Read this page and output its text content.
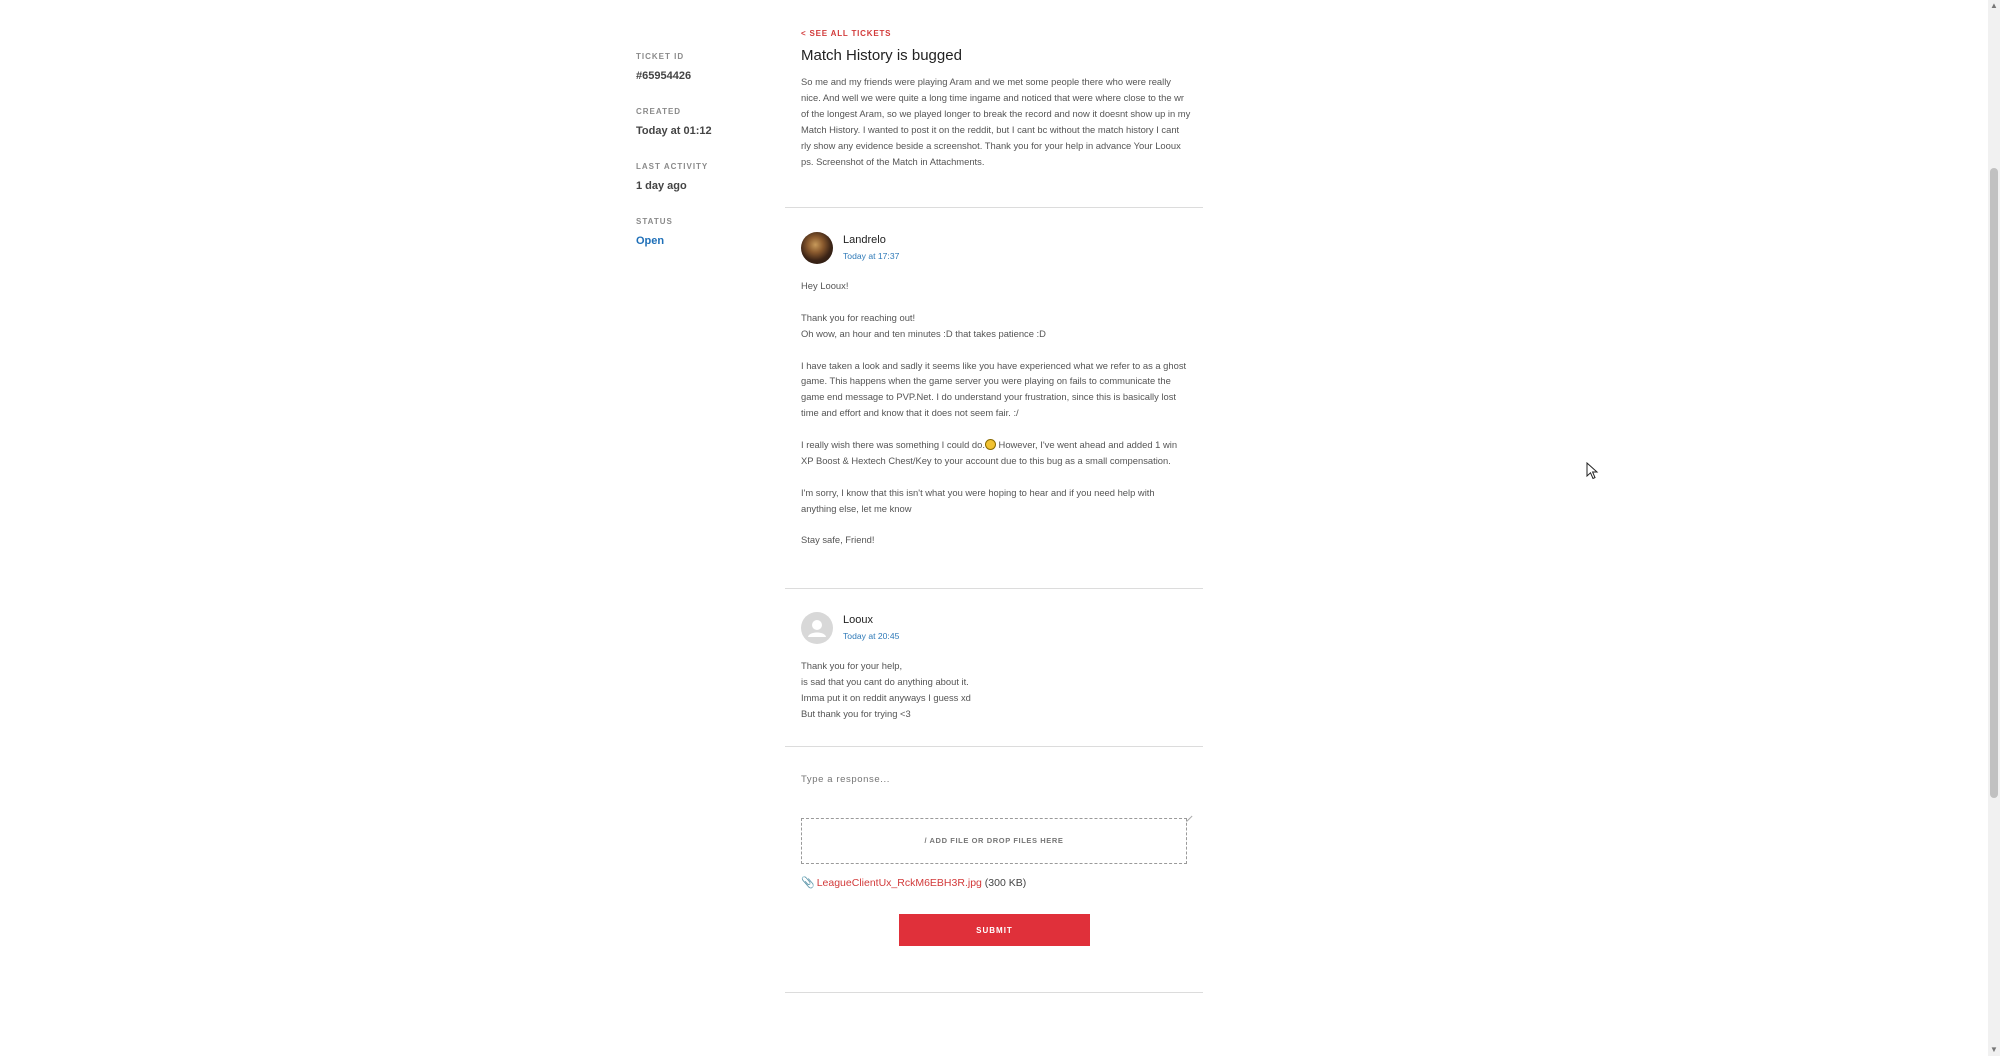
TICKET ID
#65954426
CREATED
Today at 01:12
LAST ACTIVITY
1 day ago
STATUS
Open
< SEE ALL TICKETS
Match History is bugged
So me and my friends were playing Aram and we met some people there who were really nice. And well we were quite a long time ingame and noticed that were where close to the wr of the longest Aram, so we played longer to break the record and now it doesnt show up in my Match History. I wanted to post it on the reddit, but I cant bc without the match history I cant rly show any evidence beside a screenshot. Thank you for your help in advance Your Looux ps. Screenshot of the Match in Attachments.
Landrelo
Today at 17:37

Hey Looux!

Thank you for reaching out!
Oh wow, an hour and ten minutes :D that takes patience :D

I have taken a look and sadly it seems like you have experienced what we refer to as a ghost game. This happens when the game server you were playing on fails to communicate the game end message to PVP.Net. I do understand your frustration, since this is basically lost time and effort and know that it does not seem fair. :/

I really wish there was something I could do. However, I've went ahead and added 1 win XP Boost & Hextech Chest/Key to your account due to this bug as a small compensation.

I'm sorry, I know that this isn't what you were hoping to hear and if you need help with anything else, let me know

Stay safe, Friend!

Looux
Today at 20:45
Thank you for your help,
is sad that you cant do anything about it.
Imma put it on reddit anyways I guess xd
But thank you for trying <3
Type a response...
/ ADD FILE OR DROP FILES HERE
📎 LeagueClientUx_RckM6EBH3R.jpg (300 KB)
SUBMIT
▲
▼
